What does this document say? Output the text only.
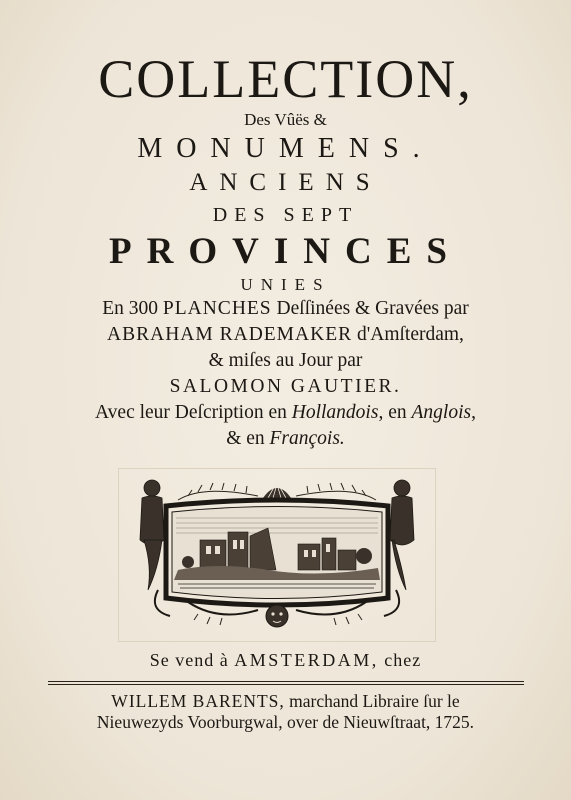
COLLECTION,
Des Vûës &
MONUMENS.
ANCIENS
DES SEPT
PROVINCES
UNIES
En 300 PLANCHES Deſſinées & Gravées par
ABRAHAM RADEMAKER d'Amſterdam,
& miſes au Jour par
SALOMON GAUTIER.
Avec leur Deſcription en Hollandois, en Anglois,
& en François.
Se vend à AMSTERDAM, chez
WILLEM BARENTS, marchand Libraire ſur le
Nieuwezyds Voorburgwal, over de Nieuwſtraat, 1725.
